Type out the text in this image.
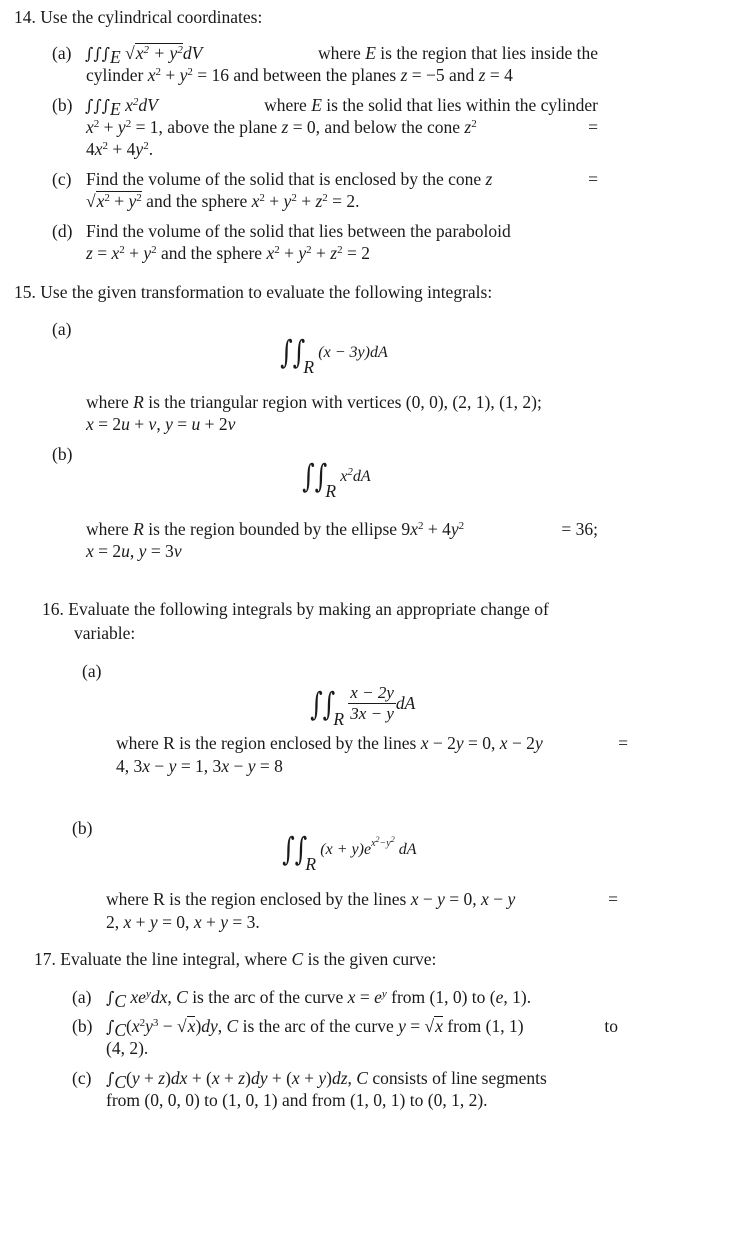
14. Use the cylindrical coordinates:
(a) $\int\int\int_E$ $√x^2 + y^2dV$	where E is the region that lies inside the
cylinder $x^2 + y^2 = 16$ and between the planes z = −5 and z = 4
(b) $\int\int\int_E$ $x^2dV$	where E is the solid that lies within the cylinder
$x^2 + y^2 = 1$, above the plane z = 0, and below the cone $z^2$	=
$4x^2 + 4y^2$.
(c) Find the volume of the solid that is enclosed by the cone z	=
$√x^2 + y^2$ and the sphere $x^2 + y^2 + z^2 = 2$.
(d) Find the volume of the solid that lies between the paraboloid
$z = x^2 + y^2$ and the sphere $x^2 + y^2 + z^2 = 2$
15. Use the given transformation to evaluate the following integrals:
(a)
$\int\int_R$ (x − 3y)dA
where R is the triangular region with vertices (0, 0), (2, 1), (1, 2);
x = 2u + v, y = u + 2v
(b)
$\int\int_R$ $x^2dA$
where R is the region bounded by the ellipse $9x^2 + 4y^2$	= 36;
x = 2u, y = 3v
16. Evaluate the following integrals by making an appropriate change of
variable:
(a)
$\int\int_R \frac{x - 2y}{3x - y}$ dA
where R is the region enclosed by the lines x − 2y = 0, x − 2y	=
4, 3x − y = 1, 3x − y = 8
(b)
$\int\int_R$ $(x + y)e^{x^2-y^2}$ dA
where R is the region enclosed by the lines x − y = 0, x − y	=
2, x + y = 0, x + y = 3.
17. Evaluate the line integral, where C is the given curve:
(a) $\int_C$ $xe^ydx$, C is the arc of the curve $x = e^y$ from (1, 0) to (e, 1).
(b) $\int_C(x^2y^3 - √x)dy$, C is the arc of the curve y = √x from (1, 1)	to
(4, 2).
(c) $\int_C(y + z)dx + (x + z)dy + (x + y)dz$, C consists of line segments
from (0, 0, 0) to (1, 0, 1) and from (1, 0, 1) to (0, 1, 2).
